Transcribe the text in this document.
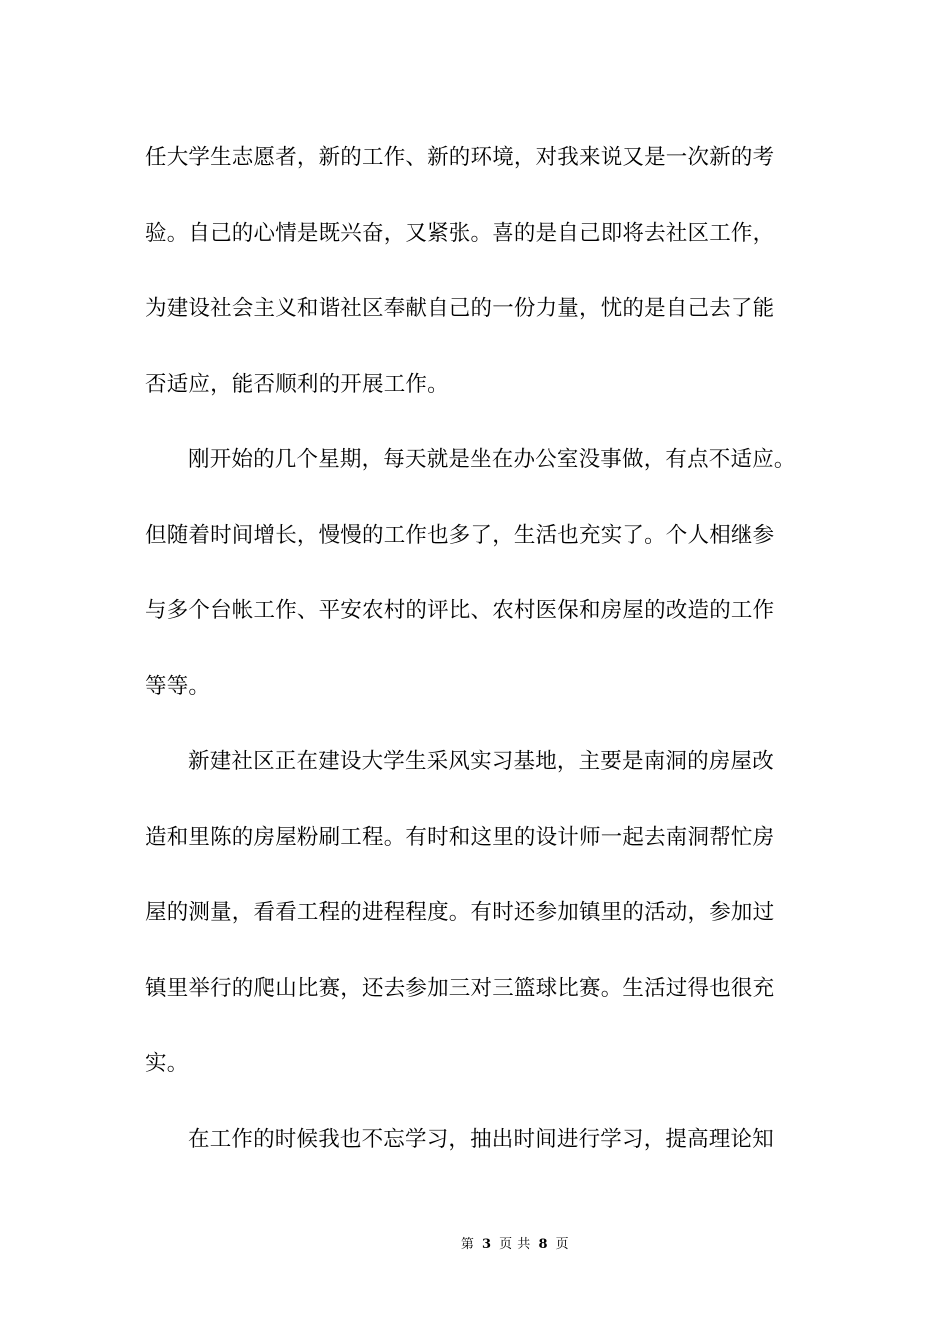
任大学生志愿者，新的工作、新的环境，对我来说又是一次新的考
验。自己的心情是既兴奋，又紧张。喜的是自己即将去社区工作，
为建设社会主义和谐社区奉献自己的一份力量，忧的是自己去了能
否适应，能否顺利的开展工作。
刚开始的几个星期，每天就是坐在办公室没事做，有点不适应。
但随着时间增长，慢慢的工作也多了，生活也充实了。个人相继参
与多个台帐工作、平安农村的评比、农村医保和房屋的改造的工作
等等。
新建社区正在建设大学生采风实习基地，主要是南洞的房屋改
造和里陈的房屋粉刷工程。有时和这里的设计师一起去南洞帮忙房
屋的测量，看看工程的进程程度。有时还参加镇里的活动，参加过
镇里举行的爬山比赛，还去参加三对三篮球比赛。生活过得也很充
实。
在工作的时候我也不忘学习，抽出时间进行学习，提高理论知
第 3 页 共 8 页
